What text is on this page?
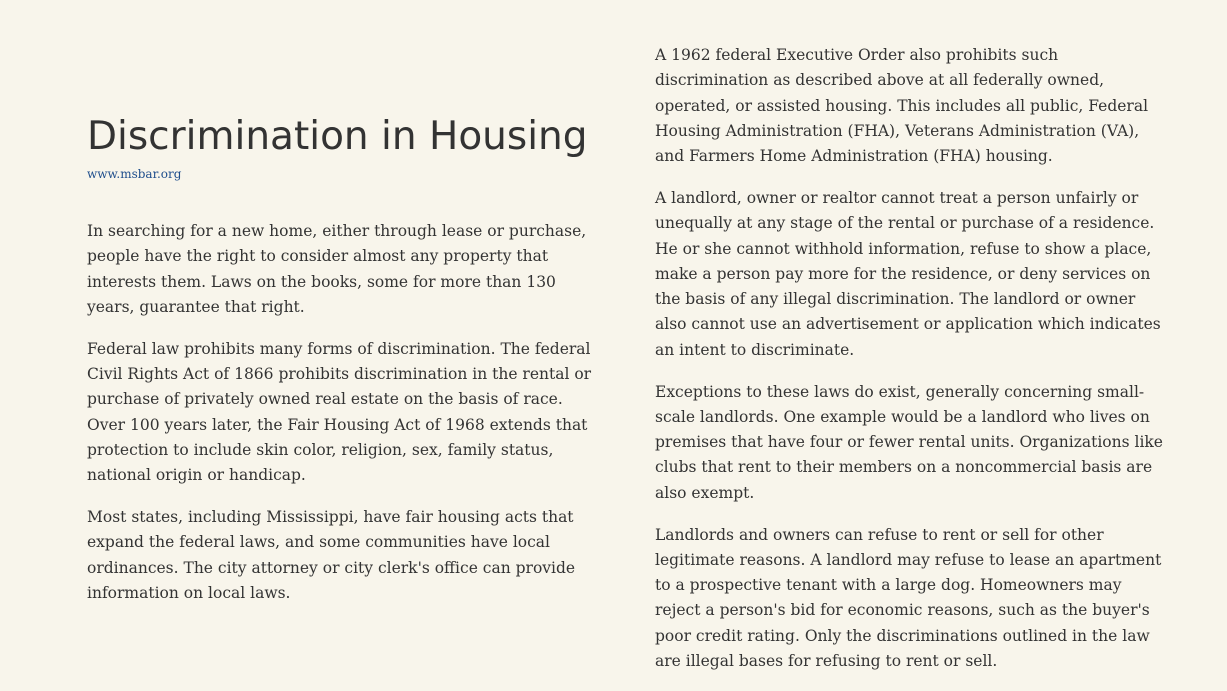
Discrimination in Housing
www.msbar.org

In searching for a new home, either through lease or purchase, people have the right to consider almost any property that interests them. Laws on the books, some for more than 130 years, guarantee that right.

Federal law prohibits many forms of discrimination. The federal Civil Rights Act of 1866 prohibits discrimination in the rental or purchase of privately owned real estate on the basis of race. Over 100 years later, the Fair Housing Act of 1968 extends that protection to include skin color, religion, sex, family status, national origin or handicap.

Most states, including Mississippi, have fair housing acts that expand the federal laws, and some communities have local ordinances. The city attorney or city clerk's office can provide information on local laws.

A 1962 federal Executive Order also prohibits such discrimination as described above at all federally owned, operated, or assisted housing. This includes all public, Federal Housing Administration (FHA), Veterans Administration (VA), and Farmers Home Administration (FHA) housing.

A landlord, owner or realtor cannot treat a person unfairly or unequally at any stage of the rental or purchase of a residence. He or she cannot withhold information, refuse to show a place, make a person pay more for the residence, or deny services on the basis of any illegal discrimination. The landlord or owner also cannot use an advertisement or application which indicates an intent to discriminate.

Exceptions to these laws do exist, generally concerning small-scale landlords. One example would be a landlord who lives on premises that have four or fewer rental units. Organizations like clubs that rent to their members on a noncommercial basis are also exempt.

Landlords and owners can refuse to rent or sell for other legitimate reasons. A landlord may refuse to lease an apartment to a prospective tenant with a large dog. Homeowners may reject a person's bid for economic reasons, such as the buyer's poor credit rating. Only the discriminations outlined in the law are illegal bases for refusing to rent or sell.
